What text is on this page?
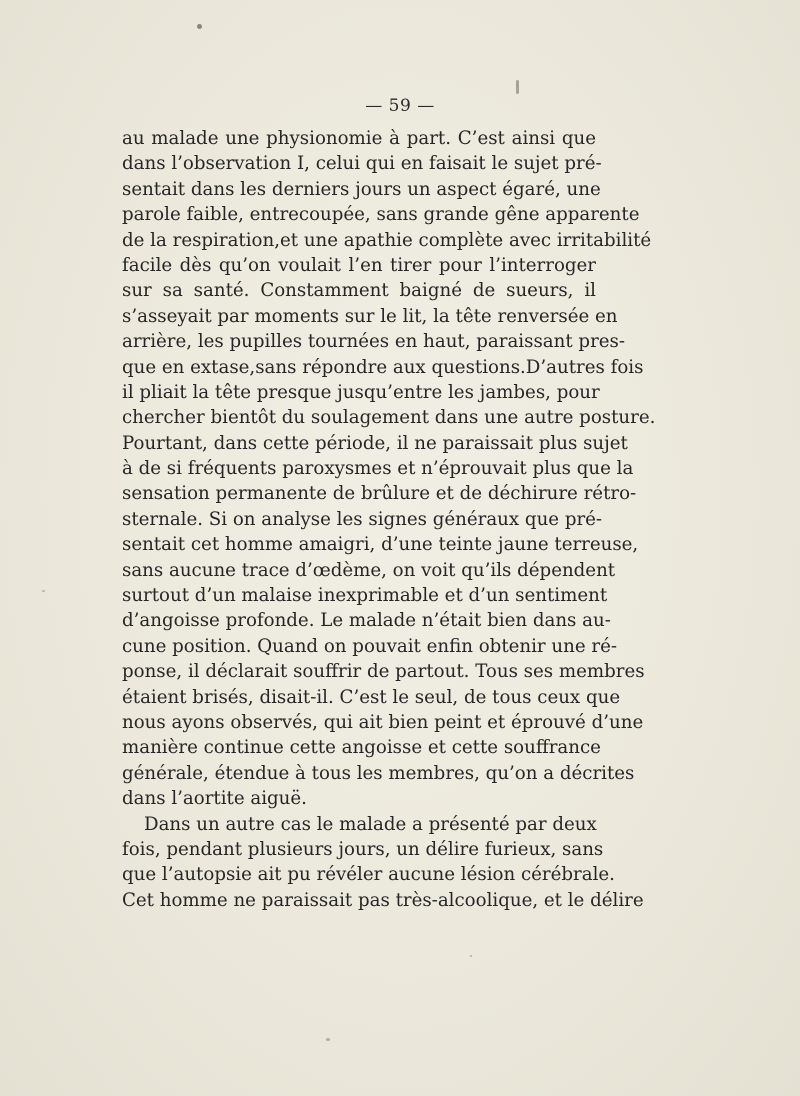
— 59 —
au malade une physionomie à part. C’est ainsi que
dans l’observation I, celui qui en faisait le sujet pré-
sentait dans les derniers jours un aspect égaré, une
parole faible, entrecoupée, sans grande gêne apparente
de la respiration,et une apathie complète avec irritabilité
facile dès qu’on voulait l’en tirer pour l’interroger
sur sa santé. Constamment baigné de sueurs, il
s’asseyait par moments sur le lit, la tête renversée en
arrière, les pupilles tournées en haut, paraissant pres-
que en extase,sans répondre aux questions.D’autres fois
il pliait la tête presque jusqu’entre les jambes, pour
chercher bientôt du soulagement dans une autre posture.
Pourtant, dans cette période, il ne paraissait plus sujet
à de si fréquents paroxysmes et n’éprouvait plus que la
sensation permanente de brûlure et de déchirure rétro-
sternale. Si on analyse les signes généraux que pré-
sentait cet homme amaigri, d’une teinte jaune terreuse,
sans aucune trace d’œdème, on voit qu’ils dépendent
surtout d’un malaise inexprimable et d’un sentiment
d’angoisse profonde. Le malade n’était bien dans au-
cune position. Quand on pouvait enfin obtenir une ré-
ponse, il déclarait souffrir de partout. Tous ses membres
étaient brisés, disait-il. C’est le seul, de tous ceux que
nous ayons observés, qui ait bien peint et éprouvé d’une
manière continue cette angoisse et cette souffrance
générale, étendue à tous les membres, qu’on a décrites
dans l’aortite aiguë.
Dans un autre cas le malade a présenté par deux
fois, pendant plusieurs jours, un délire furieux, sans
que l’autopsie ait pu révéler aucune lésion cérébrale.
Cet homme ne paraissait pas très-alcoolique, et le délire
